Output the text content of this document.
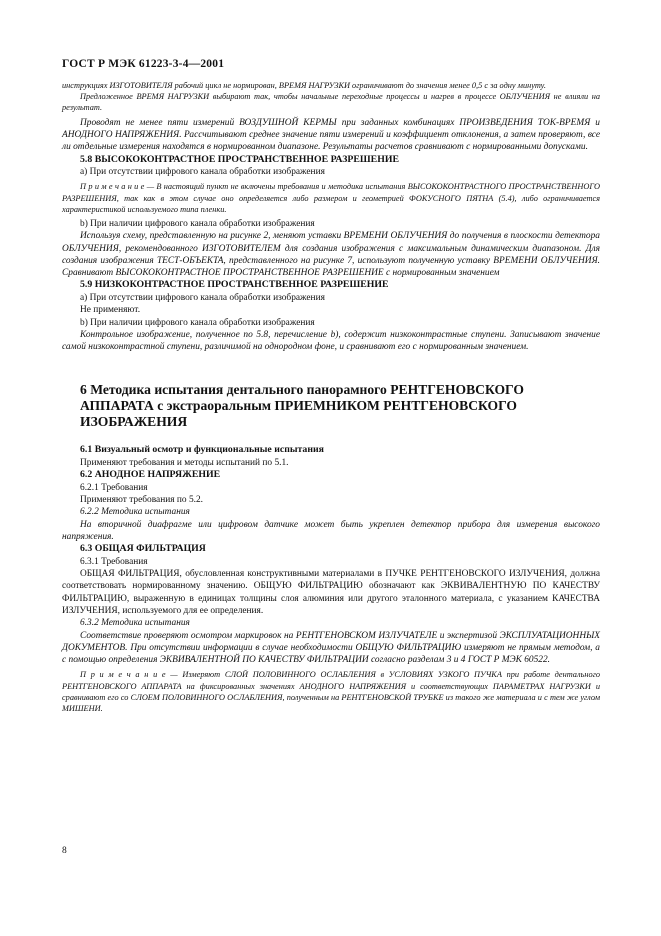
ГОСТ Р МЭК 61223-3-4—2001

инструкциях ИЗГОТОВИТЕЛЯ рабочий цикл не нормирован, ВРЕМЯ НАГРУЗКИ ограничивают до значения менее 0,5 с за одну минуту.

Предложенное ВРЕМЯ НАГРУЗКИ выбирают так, чтобы начальные переходные процессы и нагрев в процессе ОБЛУЧЕНИЯ не влияли на результат.

Проводят не менее пяти измерений ВОЗДУШНОЙ КЕРМЫ при заданных комбинациях ПРОИЗВЕДЕНИЯ ТОК-ВРЕМЯ и АНОДНОГО НАПРЯЖЕНИЯ. Рассчитывают среднее значение пяти измерений и коэффициент отклонения, а затем проверяют, все ли отдельные измерения находятся в нормированном диапазоне. Результаты расчетов сравнивают с нормированными допусками.

5.8 ВЫСОКОКОНТРАСТНОЕ ПРОСТРАНСТВЕННОЕ РАЗРЕШЕНИЕ

a) При отсутствии цифрового канала обработки изображения

П р и м е ч а н и е — В настоящий пункт не включены требования и методика испытания ВЫСОКОКОНТРАСТНОГО ПРОСТРАНСТВЕННОГО РАЗРЕШЕНИЯ, так как в этом случае оно определяется либо размером и геометрией ФОКУСНОГО ПЯТНА (5.4), либо ограничивается характеристикой используемого типа пленки.

b) При наличии цифрового канала обработки изображения

Используя схему, представленную на рисунке 2, меняют уставки ВРЕМЕНИ ОБЛУЧЕНИЯ до получения в плоскости детектора ОБЛУЧЕНИЯ, рекомендованного ИЗГОТОВИТЕЛЕМ для создания изображения с максимальным динамическим диапазоном. Для создания изображения ТЕСТ-ОБЪЕКТА, представленного на рисунке 7, используют полученную уставку ВРЕМЕНИ ОБЛУЧЕНИЯ. Сравнивают ВЫСОКОКОНТРАСТНОЕ ПРОСТРАНСТВЕННОЕ РАЗРЕШЕНИЕ с нормированным значением

5.9 НИЗКОКОНТРАСТНОЕ ПРОСТРАНСТВЕННОЕ РАЗРЕШЕНИЕ

a) При отсутствии цифрового канала обработки изображения

Не применяют.

b) При наличии цифрового канала обработки изображения

Контрольное изображение, полученное по 5.8, перечисление b), содержит низкоконтрастные ступени. Записывают значение самой низкоконтрастной ступени, различимой на однородном фоне, и сравнивают его с нормированным значением.

6 Методика испытания дентального панорамного РЕНТГЕНОВСКОГО АППАРАТА с экстраоральным ПРИЕМНИКОМ РЕНТГЕНОВСКОГО ИЗОБРАЖЕНИЯ

6.1 Визуальный осмотр и функциональные испытания

Применяют требования и методы испытаний по 5.1.

6.2 АНОДНОЕ НАПРЯЖЕНИЕ

6.2.1 Требования

Применяют требования по 5.2.

6.2.2 Методика испытания

На вторичной диафрагме или цифровом датчике может быть укреплен детектор прибора для измерения высокого напряжения.

6.3 ОБЩАЯ ФИЛЬТРАЦИЯ

6.3.1 Требования

ОБЩАЯ ФИЛЬТРАЦИЯ, обусловленная конструктивными материалами в ПУЧКЕ РЕНТГЕНОВСКОГО ИЗЛУЧЕНИЯ, должна соответствовать нормированному значению. ОБЩУЮ ФИЛЬТРАЦИЮ обозначают как ЭКВИВАЛЕНТНУЮ ПО КАЧЕСТВУ ФИЛЬТРАЦИЮ, выраженную в единицах толщины слоя алюминия или другого эталонного материала, с указанием КАЧЕСТВА ИЗЛУЧЕНИЯ, используемого для ее определения.

6.3.2 Методика испытания

Соответствие проверяют осмотром маркировок на РЕНТГЕНОВСКОМ ИЗЛУЧАТЕЛЕ и экспертизой ЭКСПЛУАТАЦИОННЫХ ДОКУМЕНТОВ. При отсутствии информации в случае необходимости ОБЩУЮ ФИЛЬТРАЦИЮ измеряют не прямым методом, а с помощью определения ЭКВИВАЛЕНТНОЙ ПО КАЧЕСТВУ ФИЛЬТРАЦИИ согласно разделам 3 и 4 ГОСТ Р МЭК 60522.

П р и м е ч а н и е — Измеряют СЛОЙ ПОЛОВИННОГО ОСЛАБЛЕНИЯ в УСЛОВИЯХ УЗКОГО ПУЧКА при работе дентального РЕНТГЕНОВСКОГО АППАРАТА на фиксированных значениях АНОДНОГО НАПРЯЖЕНИЯ и соответствующих ПАРАМЕТРАХ НАГРУЗКИ и сравнивают его со СЛОЕМ ПОЛОВИННОГО ОСЛАБЛЕНИЯ, полученным на РЕНТГЕНОВСКОЙ ТРУБКЕ из такого же материала и с тем же углом МИШЕНИ.

8
